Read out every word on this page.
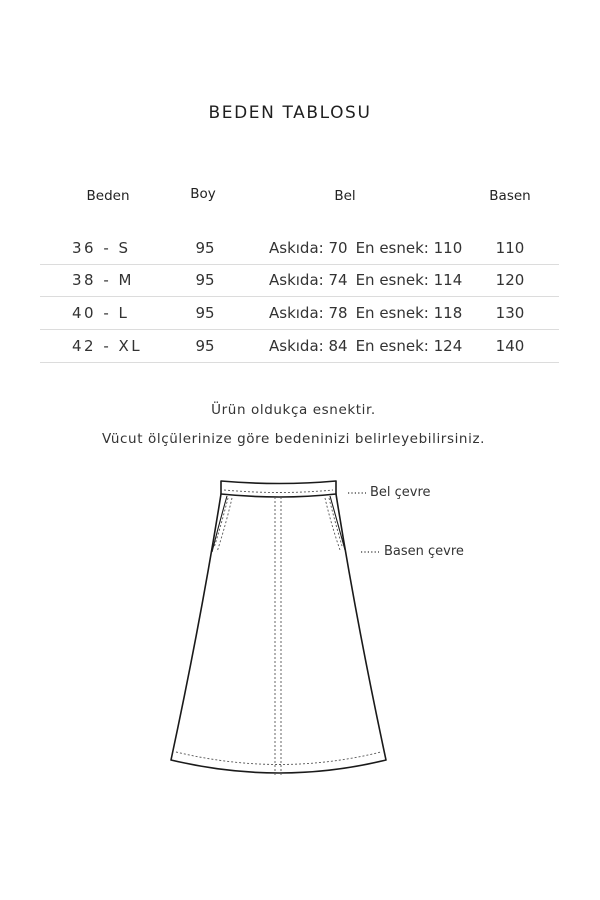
BEDEN TABLOSU
Beden	Boy	Bel	Basen
36 - S	95	Askıda: 70 En esnek: 110	110
38 - M	95	Askıda: 74 En esnek: 114	120
40 - L	95	Askıda: 78 En esnek: 118	130
42 - XL	95	Askıda: 84 En esnek: 124	140
Ürün oldukça esnektir.
Vücut ölçülerinize göre bedeninizi belirleyebilirsiniz.
Bel çevre
Basen çevre
